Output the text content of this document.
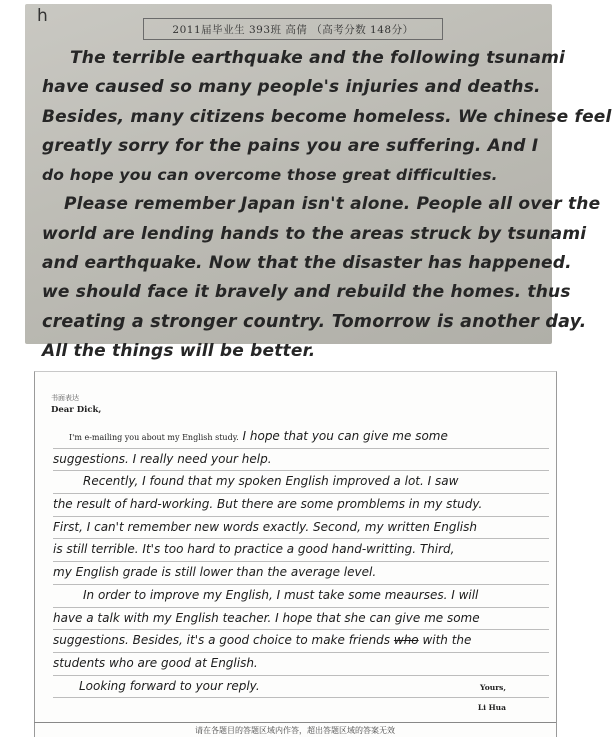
h
2011届毕业生 393班 高倩 （高考分数 148分）
The terrible earthquake and the following tsunami
have caused so many people's injuries and deaths.
Besides, many citizens become homeless. We chinese feel
greatly sorry for the pains you are suffering. And I
do hope you can overcome those great difficulties.
Please remember Japan isn't alone. People all over the
world are lending hands to the areas struck by tsunami
and earthquake. Now that the disaster has happened.
we should face it bravely and rebuild the homes. thus
creating a stronger country. Tomorrow is another day.
All the things will be better.
书面表达
Dear Dick,
I'm e-mailing you about my English study. I hope that you can give me some
suggestions. I really need your help.
Recently, I found that my spoken English improved a lot. I saw
the result of hard-working. But there are some promblems in my study.
First, I can't remember new words exactly. Second, my written English
is still terrible. It's too hard to practice a good hand-writting. Third,
my English grade is still lower than the average level.
In order to improve my English, I must take some meaurses. I will
have a talk with my English teacher. I hope that she can give me some
suggestions. Besides, it's a good choice to make friends who with the
students who are good at English.
Looking forward to your reply.	Yours,
Li Hua
请在各题目的答题区域内作答，超出答题区域的答案无效
